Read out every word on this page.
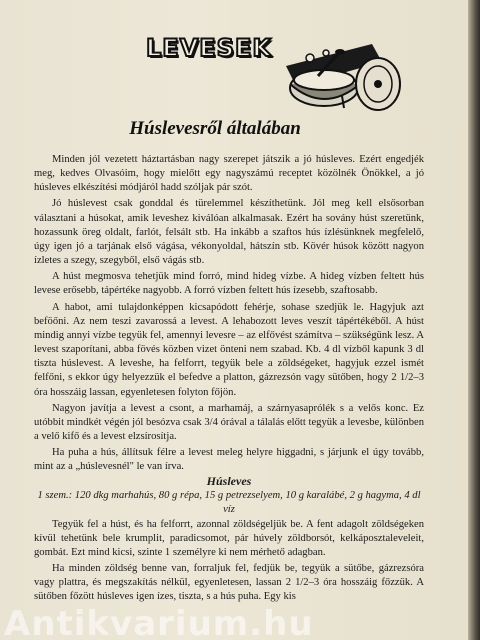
LEVESEK
Húslevesről általában

Minden jól vezetett háztartásban nagy szerepet játszik a jó húsleves. Ezért engedjék meg, kedves Olvasóim, hogy mielőtt egy nagyszámú receptet közölnék Önökkel, a jó húsleves elkészítési módjáról hadd szóljak pár szót.

Jó húslevest csak gonddal és türelemmel készíthetünk. Jól meg kell elsősorban választani a húsokat, amik leveshez kiválóan alkalmasak. Ezért ha sovány húst szeretünk, hozassunk öreg oldalt, farlót, felsált stb. Ha inkább a szaftos hús ízlésünknek megfelelő, úgy igen jó a tarjának első vágása, vékonyoldal, hátszín stb. Kövér húsok között nagyon ízletes a szegy, szegyből, első vágás stb.

A húst megmosva tehetjük mind forró, mind hideg vízbe. A hideg vízben feltett hús levese erősebb, tápértéke nagyobb. A forró vízben feltett hús ízesebb, szaftosabb.

A habot, ami tulajdonképpen kicsapódott fehérje, sohase szedjük le. Hagyjuk azt beföőni. Az nem teszi zavarossá a levest. A lehabozott leves veszít tápértékéből. A húst mindig annyi vízbe tegyük fel, amennyi levesre – az elfővést számítva – szükségünk lesz. A levest szaporítani, abba fövés közben vizet önteni nem szabad. Kb. 4 dl vízből kapunk 3 dl tiszta húslevest. A leveshe, ha felforrt, tegyük bele a zöldségeket, hagyjuk ezzel ismét felfőni, s ekkor úgy helyezzük el befedve a platton, gázrezsón vagy sütőben, hogy 2 1/2–3 óra hosszáig lassan, egyenletesen folyton főjön.

Nagyon javítja a levest a csont, a marhamáj, a szárnyasaprólék s a velős konc. Ez utóbbit mindkét végén jól besózva csak 3/4 órával a tálalás előtt tegyük a levesbe, különben a velő kifő és a levest elzsírosítja.

Ha puha a hús, állítsuk félre a levest meleg helyre higgadni, s járjunk el úgy tovább, mint az a „húslevesnél" le van írva.

Húsleves

1 szem.: 120 dkg marhahús, 80 g répa, 15 g petrezselyem, 10 g karalábé, 2 g hagyma, 4 dl víz

Tegyük fel a húst, és ha felforrt, azonnal zöldségeljük be. A fent adagolt zöldségeken kívül tehetünk bele krumplit, paradicsomot, pár húvely zöldborsót, kelkáposztaleveleit, gombát. Ezt mind kicsi, szinte 1 személyre ki nem mérhető adagban.

Ha minden zöldség benne van, forraljuk fel, fedjük be, tegyük a sütőbe, gázrezsóra vagy plattra, és megszakítás nélkül, egyenletesen, lassan 2 1/2–3 óra hosszáig főzzük. A sütőben főzött húsleves igen ízes, tiszta, s a hús puha. Egy kis

Antikvarium.hu
